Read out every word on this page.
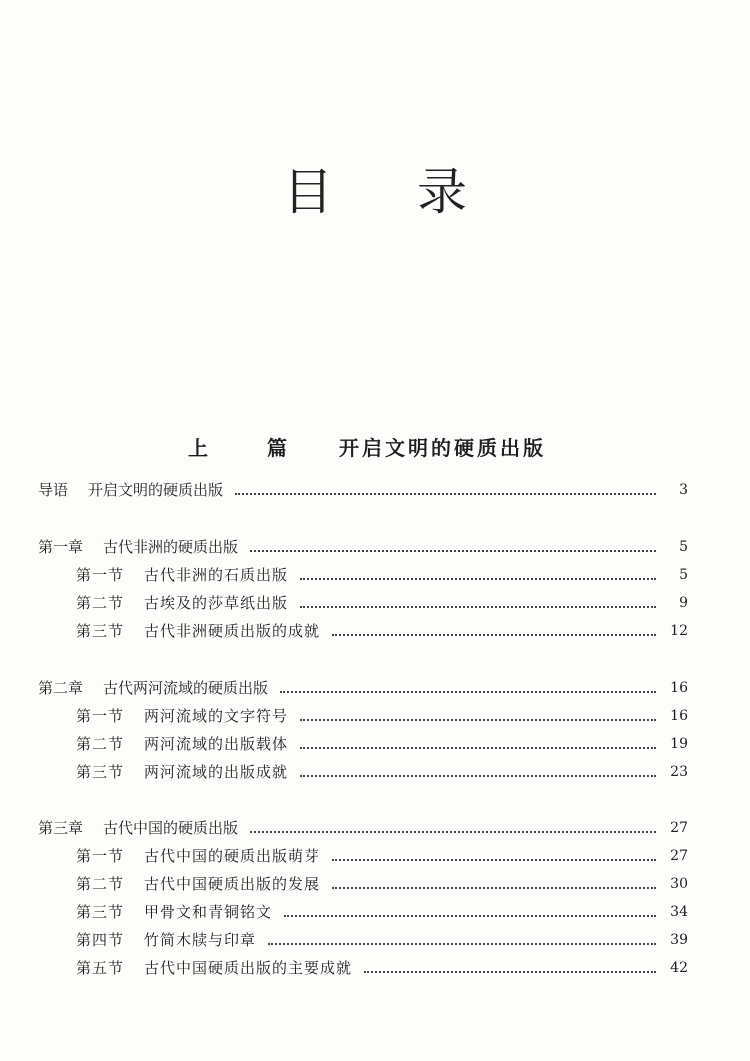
目 录
上 篇 开启文明的硬质出版
导语 开启文明的硬质出版	3
第一章 古代非洲的硬质出版	5
第一节 古代非洲的石质出版	5
第二节 古埃及的莎草纸出版	9
第三节 古代非洲硬质出版的成就	12
第二章 古代两河流域的硬质出版	16
第一节 两河流域的文字符号	16
第二节 两河流域的出版载体	19
第三节 两河流域的出版成就	23
第三章 古代中国的硬质出版	27
第一节 古代中国的硬质出版萌芽	27
第二节 古代中国硬质出版的发展	30
第三节 甲骨文和青铜铭文	34
第四节 竹简木牍与印章	39
第五节 古代中国硬质出版的主要成就	42
